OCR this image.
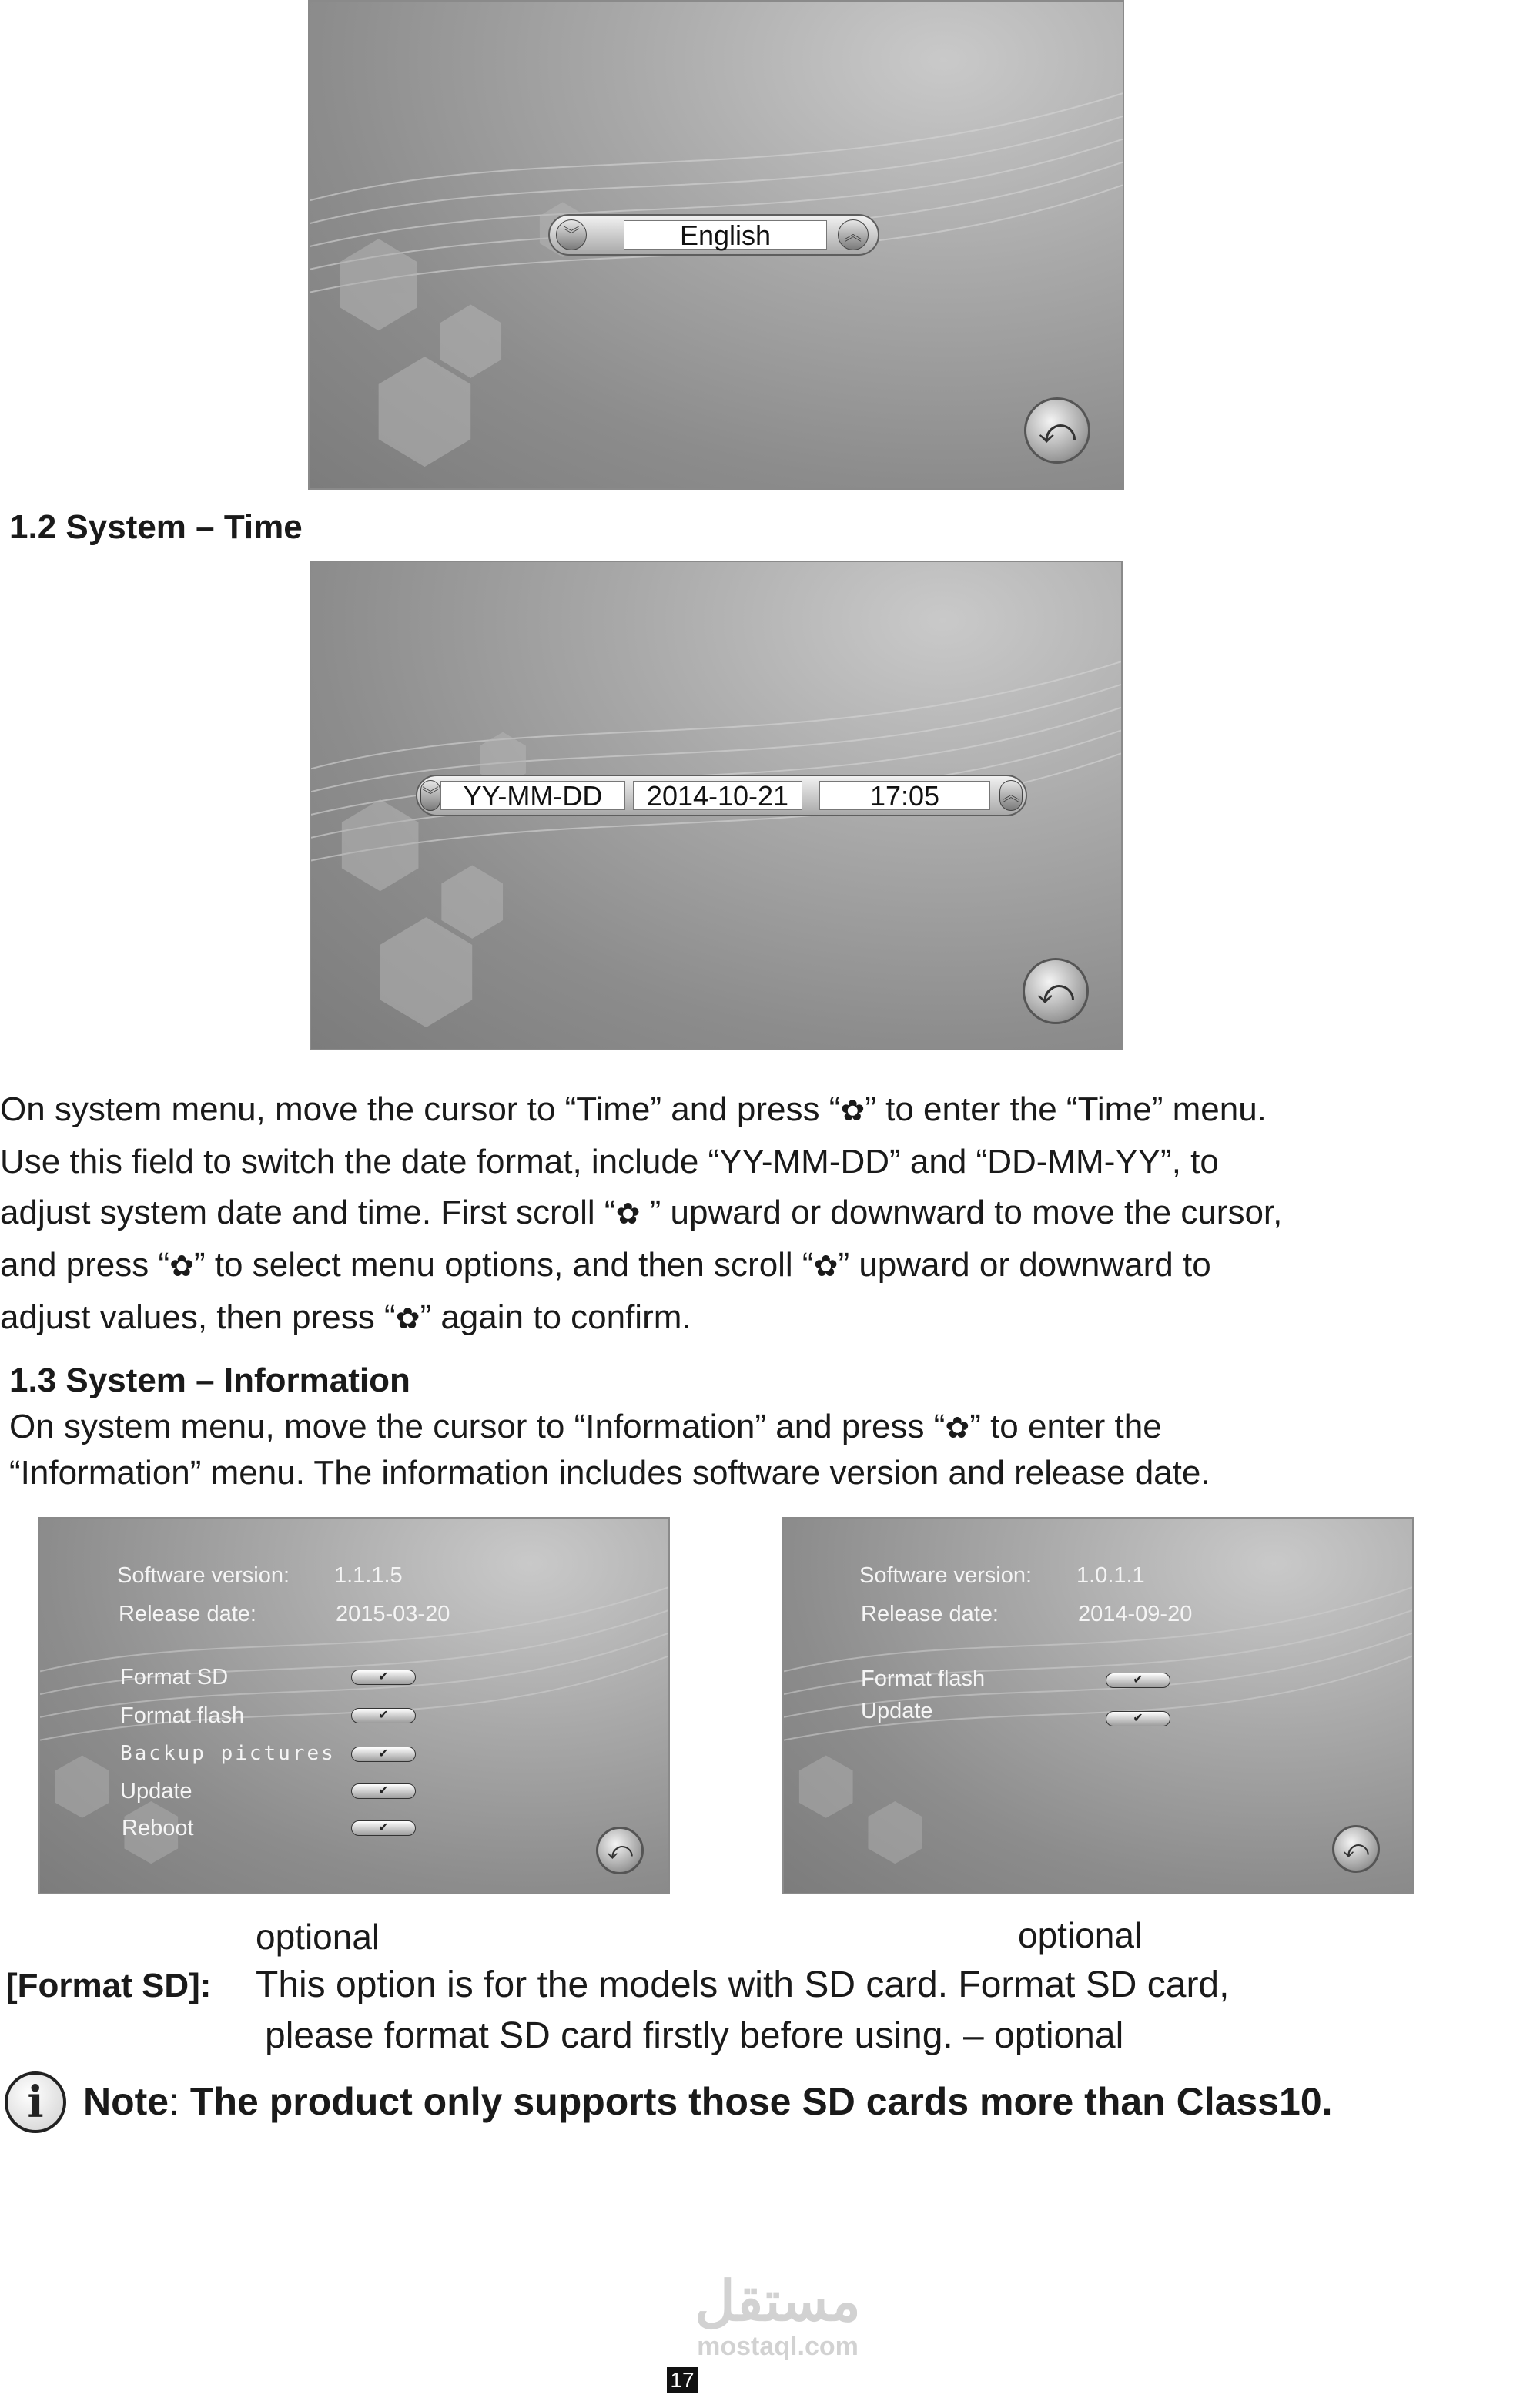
︾	English	︽
⤺
1.2 System – Time
︾ YY-MM-DD	2014-10-21	17:05	︽
⤺
On system menu, move the cursor to “Time” and press “✿” to enter the “Time” menu.
Use this field to switch the date format, include “YY-MM-DD” and “DD-MM-YY”, to
adjust system date and time. First scroll “✿ ” upward or downward to move the cursor,
and press “✿” to select menu options, and then scroll “✿” upward or downward to
adjust values, then press “✿” again to confirm.
1.3 System – Information
On system menu, move the cursor to “Information” and press “✿” to enter the
“Information” menu. The information includes software version and release date.
Software version: 1.1.1.5
Release date:	2015-03-20
Format SD	✔
Format flash	✔
Backup pictures	✔
Update	✔
Reboot	✔
⤺
optional
Software version: 1.0.1.1
Release date:	2014-09-20
Format flash	✔
Update	✔
⤺
optional
[Format SD]: This option is for the models with SD card. Format SD card,
please format SD card firstly before using. – optional
i	Note: The product only supports those SD cards more than Class10.
مستقل
mostaql.com
17
